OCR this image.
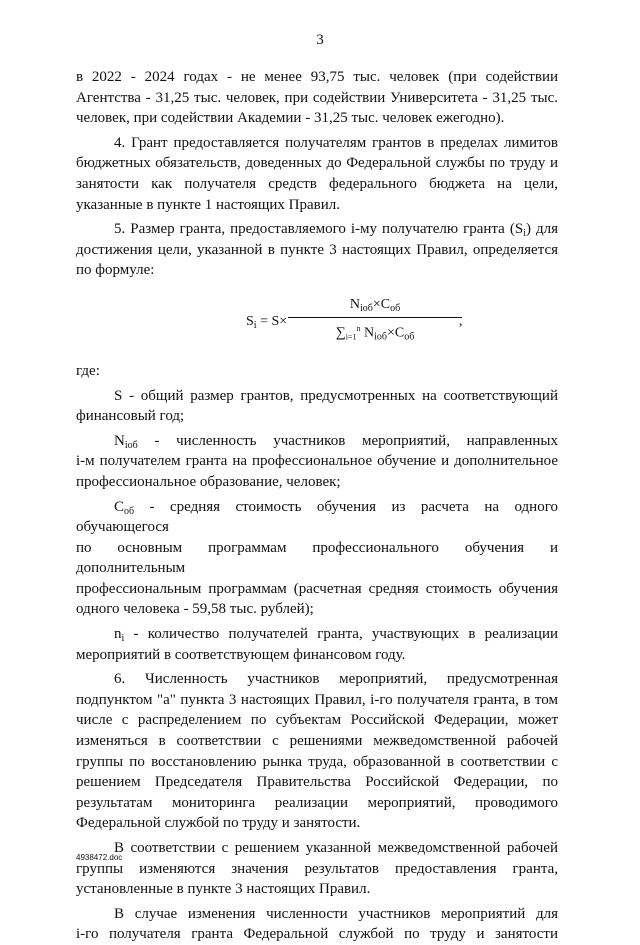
3
в 2022 - 2024 годах - не менее 93,75 тыс. человек (при содействии
Агентства - 31,25 тыс. человек, при содействии Университета - 31,25 тыс.
человек, при содействии Академии - 31,25 тыс. человек ежегодно).
4. Грант предоставляется получателям грантов в пределах лимитов
бюджетных обязательств, доведенных до Федеральной службы по труду и
занятости как получателя средств федерального бюджета на цели,
указанные в пункте 1 настоящих Правил.
5. Размер гранта, предоставляемого i-му получателю гранта $(S_i)$ для
достижения цели, указанной в пункте 3 настоящих Правил, определяется
по формуле:
$S_i = S\times$
$N_{iоб}\times C_{об}$
$\sum_{i=1}^n$ $N_{iоб}\times C_{об}$
,
где:
S - общий размер грантов, предусмотренных на соответствующий
финансовый год;
$N_{iоб}$ - численность участников мероприятий, направленных
i-м получателем гранта на профессиональное обучение и дополнительное
профессиональное образование, человек;
$C_{об}$ - средняя стоимость обучения из расчета на одного обучающегося
по основным программам профессионального обучения и дополнительным
профессиональным программам (расчетная средняя стоимость обучения
одного человека - 59,58 тыс. рублей);
$n_i$ - количество получателей гранта, участвующих в реализации
мероприятий в соответствующем финансовом году.
6. Численность участников мероприятий, предусмотренная
подпунктом "а" пункта 3 настоящих Правил, i-го получателя гранта, в том
числе с распределением по субъектам Российской Федерации, может
изменяться в соответствии с решениями межведомственной рабочей
группы по восстановлению рынка труда, образованной в соответствии с
решением Председателя Правительства Российской Федерации, по
результатам мониторинга реализации мероприятий, проводимого
Федеральной службой по труду и занятости.
В соответствии с решением указанной межведомственной рабочей
группы изменяются значения результатов предоставления гранта,
установленные в пункте 3 настоящих Правил.
В случае изменения численности участников мероприятий для
i-го получателя гранта Федеральной службой по труду и занятости
4938472.doc
